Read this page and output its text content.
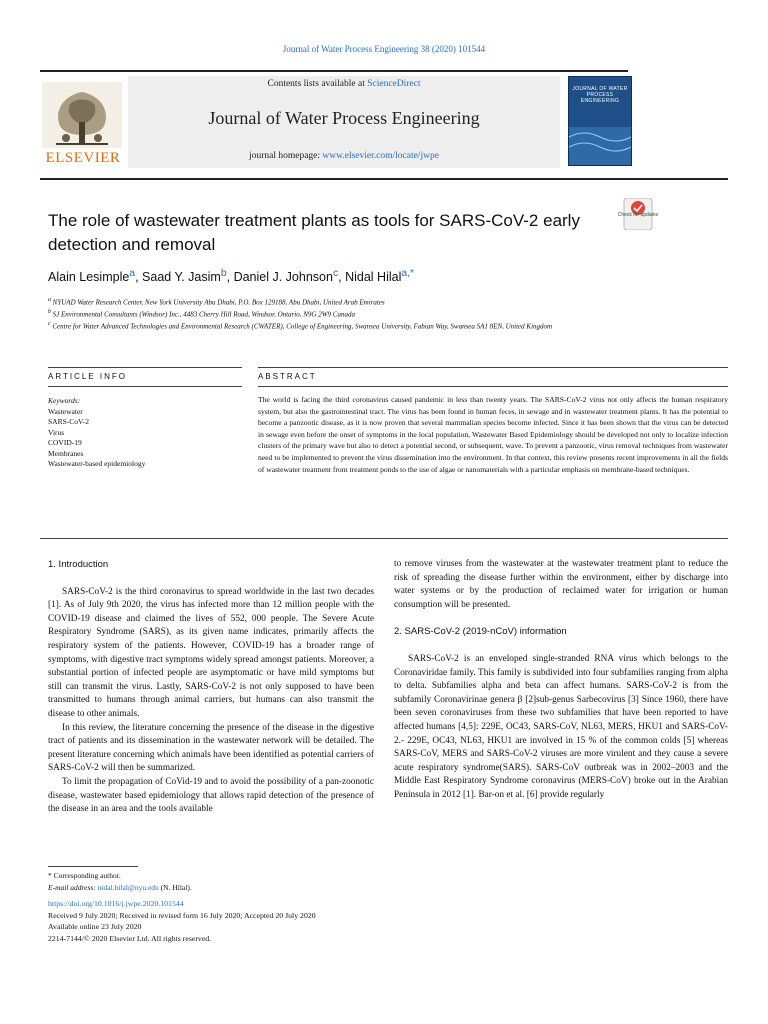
Journal of Water Process Engineering 38 (2020) 101544
ELSEVIER
Contents lists available at ScienceDirect
Journal of Water Process Engineering
journal homepage: www.elsevier.com/locate/jwpe
JOURNAL OF WATER PROCESS ENGINEERING
The role of wastewater treatment plants as tools for SARS-CoV-2 early detection and removal
Check for updates
Alain Lesimple$^a$, Saad Y. Jasim$^b$, Daniel J. Johnson$^c$, Nidal Hilal$^{a,*}$
$^a$ NYUAD Water Research Center, New York University Abu Dhabi, P.O. Box 129188, Abu Dhabi, United Arab Emirates
$^b$ SJ Environmental Consultants (Windsor) Inc., 4483 Cherry Hill Road, Windsor, Ontario, N9G 2W9 Canada
$^c$ Centre for Water Advanced Technologies and Environmental Research (CWATER), College of Engineering, Swansea University, Fabian Way, Swansea SA1 8EN, United Kingdom
ARTICLE INFO	ABSTRACT
Keywords:
Wastewater
SARS-CoV-2
Virus
COVID-19
Membranes
Wastewater-based epidemiology
The world is facing the third coronavirus caused pandemic in less than twenty years. The SARS-CoV-2 virus not only affects the human respiratory system, but also the gastrointestinal tract. The virus has been found in human feces, in sewage and in wastewater treatment plants. It has the potential to become a panzootic disease, as it is now proven that several mammalian species become infected. Since it has been shown that the virus can be detected in sewage even before the onset of symptoms in the local population, Wastewater Based Epidemiology should be developed not only to localize infection clusters of the primary wave but also to detect a potential second, or subsequent, wave. To prevent a panzootic, virus removal techniques from wastewater need to be implemented to prevent the virus dissemination into the environment. In that context, this review presents recent improvements in all the fields of wastewater treatment from treatment ponds to the use of algae or nanomaterials with a particular emphasis on membrane-based techniques.
1. Introduction

SARS-CoV-2 is the third coronavirus to spread worldwide in the last two decades [1]. As of July 9th 2020, the virus has infected more than 12 million people with the COVID-19 disease and claimed the lives of 552, 000 people. The Severe Acute Respiratory Syndrome (SARS), as its given name indicates, primarily affects the respiratory system of the patients. However, COVID-19 has a broader range of symptoms, with digestive tract symptoms widely spread amongst patients. Moreover, a substantial portion of infected people are asymptomatic or have mild symptoms but still can transmit the virus. Lastly, SARS-CoV-2 is not only supposed to have been transmitted to humans through animal carriers, but humans can also transmit the disease to other animals.

In this review, the literature concerning the presence of the disease in the digestive tract of patients and its dissemination in the wastewater network will be detailed. The present literature concerning which animals have been identified as potential carriers of SARS-CoV-2 will then be summarized.

To limit the propagation of CoVid-19 and to avoid the possibility of a pan-zoonotic disease, wastewater based epidemiology that allows rapid detection of the presence of the disease in an area and the tools available

to remove viruses from the wastewater at the wastewater treatment plant to reduce the risk of spreading the disease further within the environment, either by discharge into water systems or by the production of reclaimed water for irrigation or human consumption will be presented.

2. SARS-CoV-2 (2019-nCoV) information

SARS-CoV-2 is an enveloped single-stranded RNA virus which belongs to the Coronaviridae family. This family is subdivided into four subfamilies ranging from alpha to delta. Subfamilies alpha and beta can affect humans. SARS-CoV-2 is from the subfamily Coronavirinae genera β [2]sub-genus Sarbecovirus [3] Since 1960, there have been seven coronaviruses from these two subfamilies that have been reported to have affected humans [4,5]: 229E, OC43, SARS-CoV, NL63, MERS, HKU1 and SARS-CoV-2.- 229E, OC43, NL63, HKU1 are involved in 15 % of the common colds [5] whereas SARS-CoV, MERS and SARS-CoV-2 viruses are more virulent and they cause a severe acute respiratory syndrome(SARS). SARS-CoV outbreak was in 2002–2003 and the Middle East Respiratory Syndrome coronavirus (MERS-CoV) broke out in the Arabian Peninsula in 2012 [1]. Bar-on et al. [6] provide regularly

* Corresponding author.
E-mail address: nidal.hilal@nyu.edu (N. Hilal).
https://doi.org/10.1016/j.jwpe.2020.101544
Received 9 July 2020; Received in revised form 16 July 2020; Accepted 20 July 2020
Available online 23 July 2020
2214-7144/© 2020 Elsevier Ltd. All rights reserved.
